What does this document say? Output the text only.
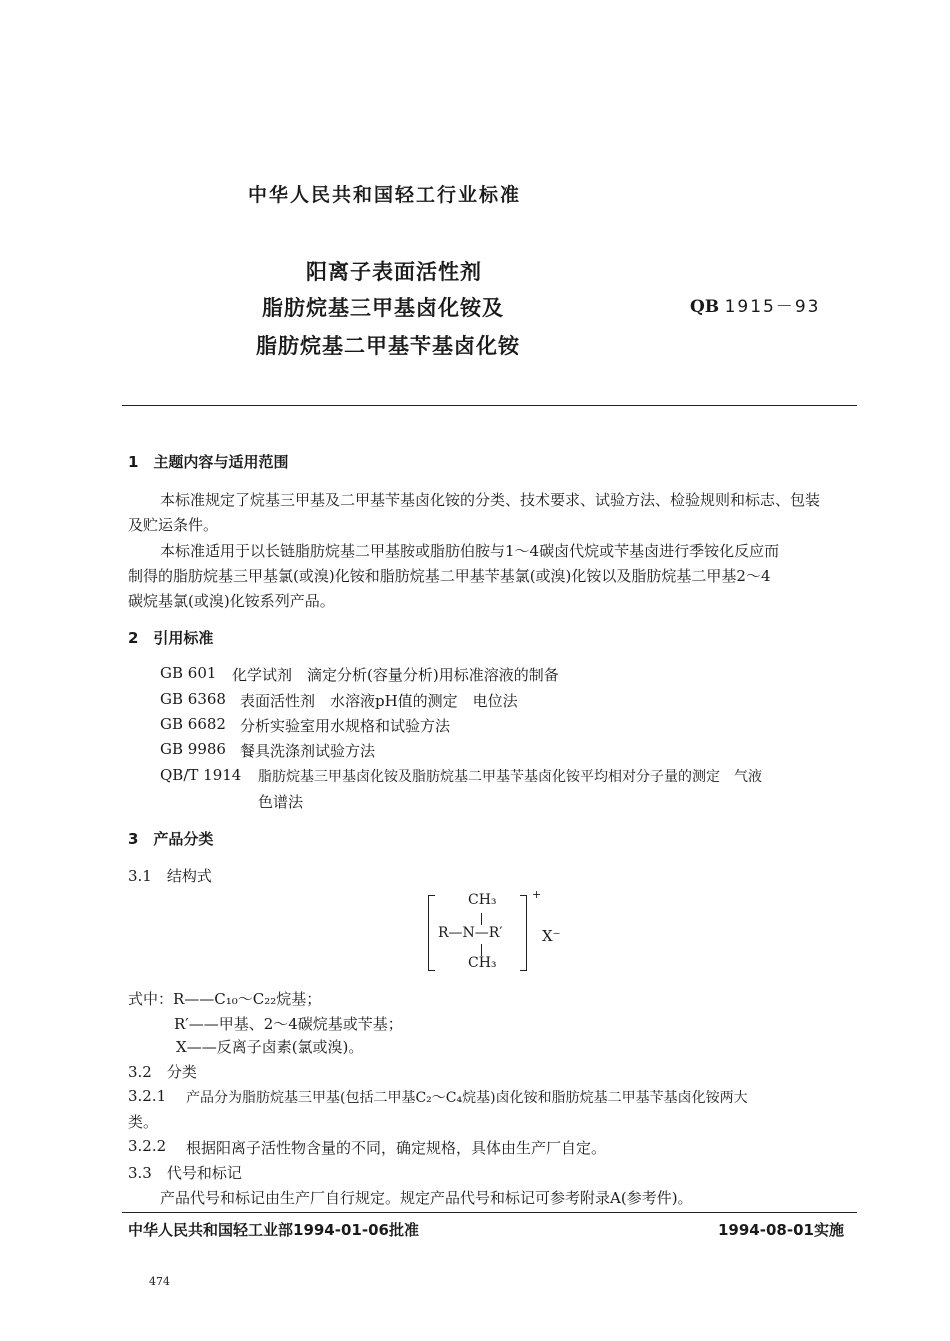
中华人民共和国轻工行业标准
阳离子表面活性剂
脂肪烷基三甲基卤化铵及
脂肪烷基二甲基苄基卤化铵
QB 1915－93
1　主题内容与适用范围
本标准规定了烷基三甲基及二甲基苄基卤化铵的分类、技术要求、试验方法、检验规则和标志、包装
及贮运条件。
本标准适用于以长链脂肪烷基二甲基胺或脂肪伯胺与1～4碳卤代烷或苄基卤进行季铵化反应而
制得的脂肪烷基三甲基氯(或溴)化铵和脂肪烷基二甲基苄基氯(或溴)化铵以及脂肪烷基二甲基2～4
碳烷基氯(或溴)化铵系列产品。
2　引用标准
GB 601 化学试剂　滴定分析(容量分析)用标准溶液的制备
GB 6368 表面活性剂　水溶液pH值的测定　电位法
GB 6682 分析实验室用水规格和试验方法
GB 9986 餐具洗涤剂试验方法
QB/T 1914 脂肪烷基三甲基卤化铵及脂肪烷基二甲基苄基卤化铵平均相对分子量的测定　气液
色谱法
3　产品分类
3.1　结构式
CH₃
R—N—R′
CH₃
+
X⁻
式中：R——C₁₀～C₂₂烷基；
R′——甲基、2～4碳烷基或苄基；
X——反离子卤素(氯或溴)。
3.2　分类
3.2.1 产品分为脂肪烷基三甲基(包括二甲基C₂～C₄烷基)卤化铵和脂肪烷基二甲基苄基卤化铵两大
类。
3.2.2 根据阳离子活性物含量的不同，确定规格，具体由生产厂自定。
3.3　代号和标记
产品代号和标记由生产厂自行规定。规定产品代号和标记可参考附录A(参考件)。
中华人民共和国轻工业部1994-01-06批准	1994-08-01实施
474
